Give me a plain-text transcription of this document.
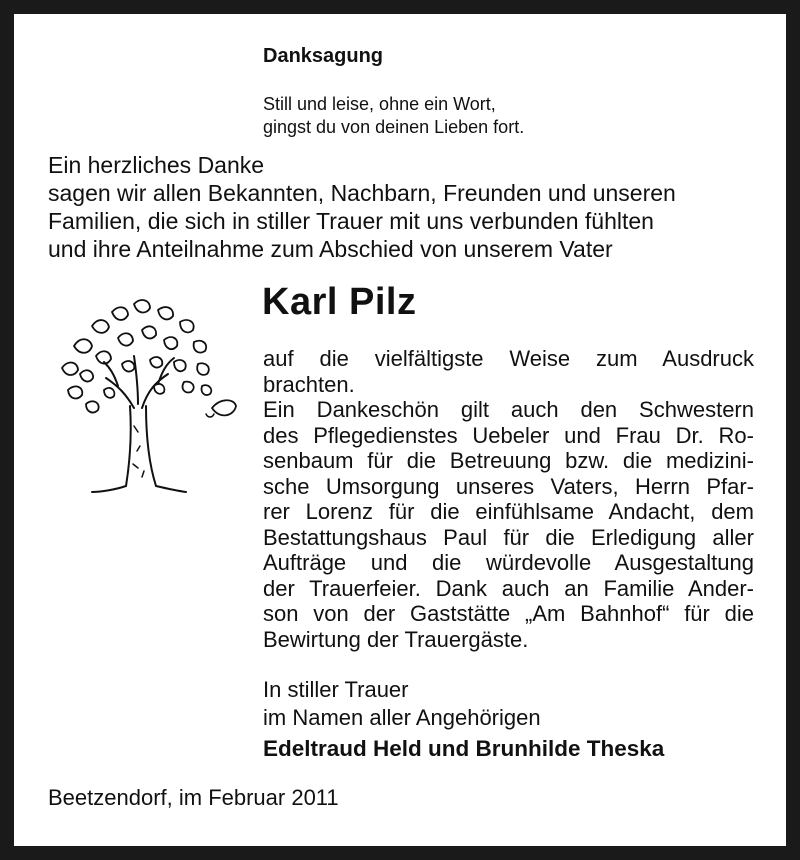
Danksagung

Still und leise, ohne ein Wort,
gingst du von deinen Lieben fort.

Ein herzliches Danke
sagen wir allen Bekannten, Nachbarn, Freunden und unseren
Familien, die sich in stiller Trauer mit uns verbunden fühlten
und ihre Anteilnahme zum Abschied von unserem Vater

Karl Pilz

auf die vielfältigste Weise zum Ausdruck
brachten.
Ein Dankeschön gilt auch den Schwestern
des Pflegedienstes Uebeler und Frau Dr. Ro-
senbaum für die Betreuung bzw. die medizini-
sche Umsorgung unseres Vaters, Herrn Pfar-
rer Lorenz für die einfühlsame Andacht, dem
Bestattungshaus Paul für die Erledigung aller
Aufträge und die würdevolle Ausgestaltung
der Trauerfeier. Dank auch an Familie Ander-
son von der Gaststätte „Am Bahnhof“ für die
Bewirtung der Trauergäste.
In stiller Trauer
im Namen aller Angehörigen

Edeltraud Held und Brunhilde Theska

Beetzendorf, im Februar 2011
